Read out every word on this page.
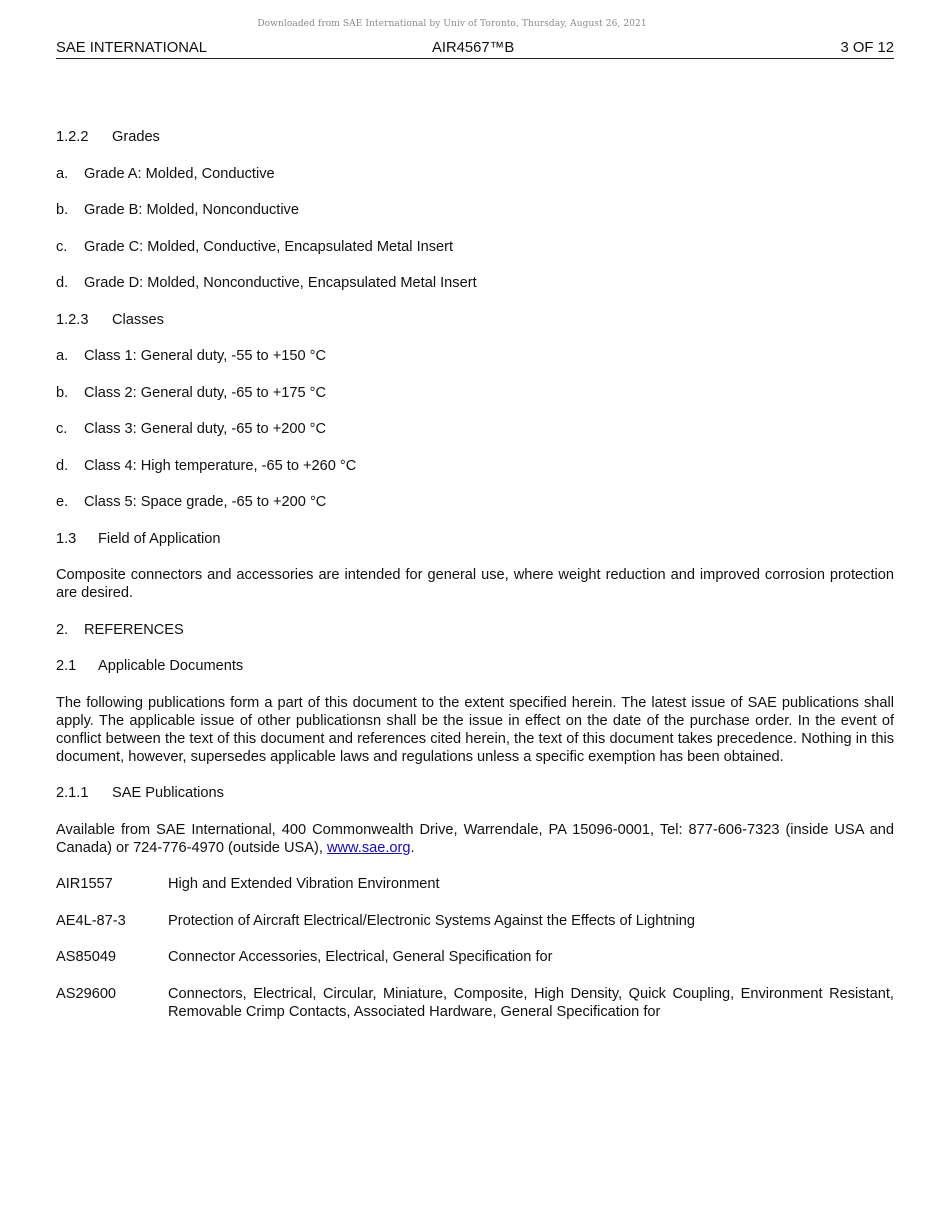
Downloaded from SAE International by Univ of Toronto, Thursday, August 26, 2021
SAE INTERNATIONAL	AIR4567™B	3 OF 12
1.2.2 Grades
a. Grade A: Molded, Conductive
b. Grade B: Molded, Nonconductive
c. Grade C: Molded, Conductive, Encapsulated Metal Insert
d. Grade D: Molded, Nonconductive, Encapsulated Metal Insert
1.2.3 Classes
a. Class 1: General duty, -55 to +150 °C
b. Class 2: General duty, -65 to +175 °C
c. Class 3: General duty, -65 to +200 °C
d. Class 4: High temperature, -65 to +260 °C
e. Class 5: Space grade, -65 to +200 °C
1.3 Field of Application
Composite connectors and accessories are intended for general use, where weight reduction and improved corrosion protection are desired.
2. REFERENCES
2.1 Applicable Documents
The following publications form a part of this document to the extent specified herein. The latest issue of SAE publications shall apply. The applicable issue of other publicationsn shall be the issue in effect on the date of the purchase order. In the event of conflict between the text of this document and references cited herein, the text of this document takes precedence. Nothing in this document, however, supersedes applicable laws and regulations unless a specific exemption has been obtained.
2.1.1 SAE Publications
Available from SAE International, 400 Commonwealth Drive, Warrendale, PA 15096-0001, Tel: 877-606-7323 (inside USA and Canada) or 724-776-4970 (outside USA), www.sae.org.
AIR1557	High and Extended Vibration Environment
AE4L-87-3	Protection of Aircraft Electrical/Electronic Systems Against the Effects of Lightning
AS85049	Connector Accessories, Electrical, General Specification for
AS29600	Connectors, Electrical, Circular, Miniature, Composite, High Density, Quick Coupling, Environment Resistant, Removable Crimp Contacts, Associated Hardware, General Specification for
